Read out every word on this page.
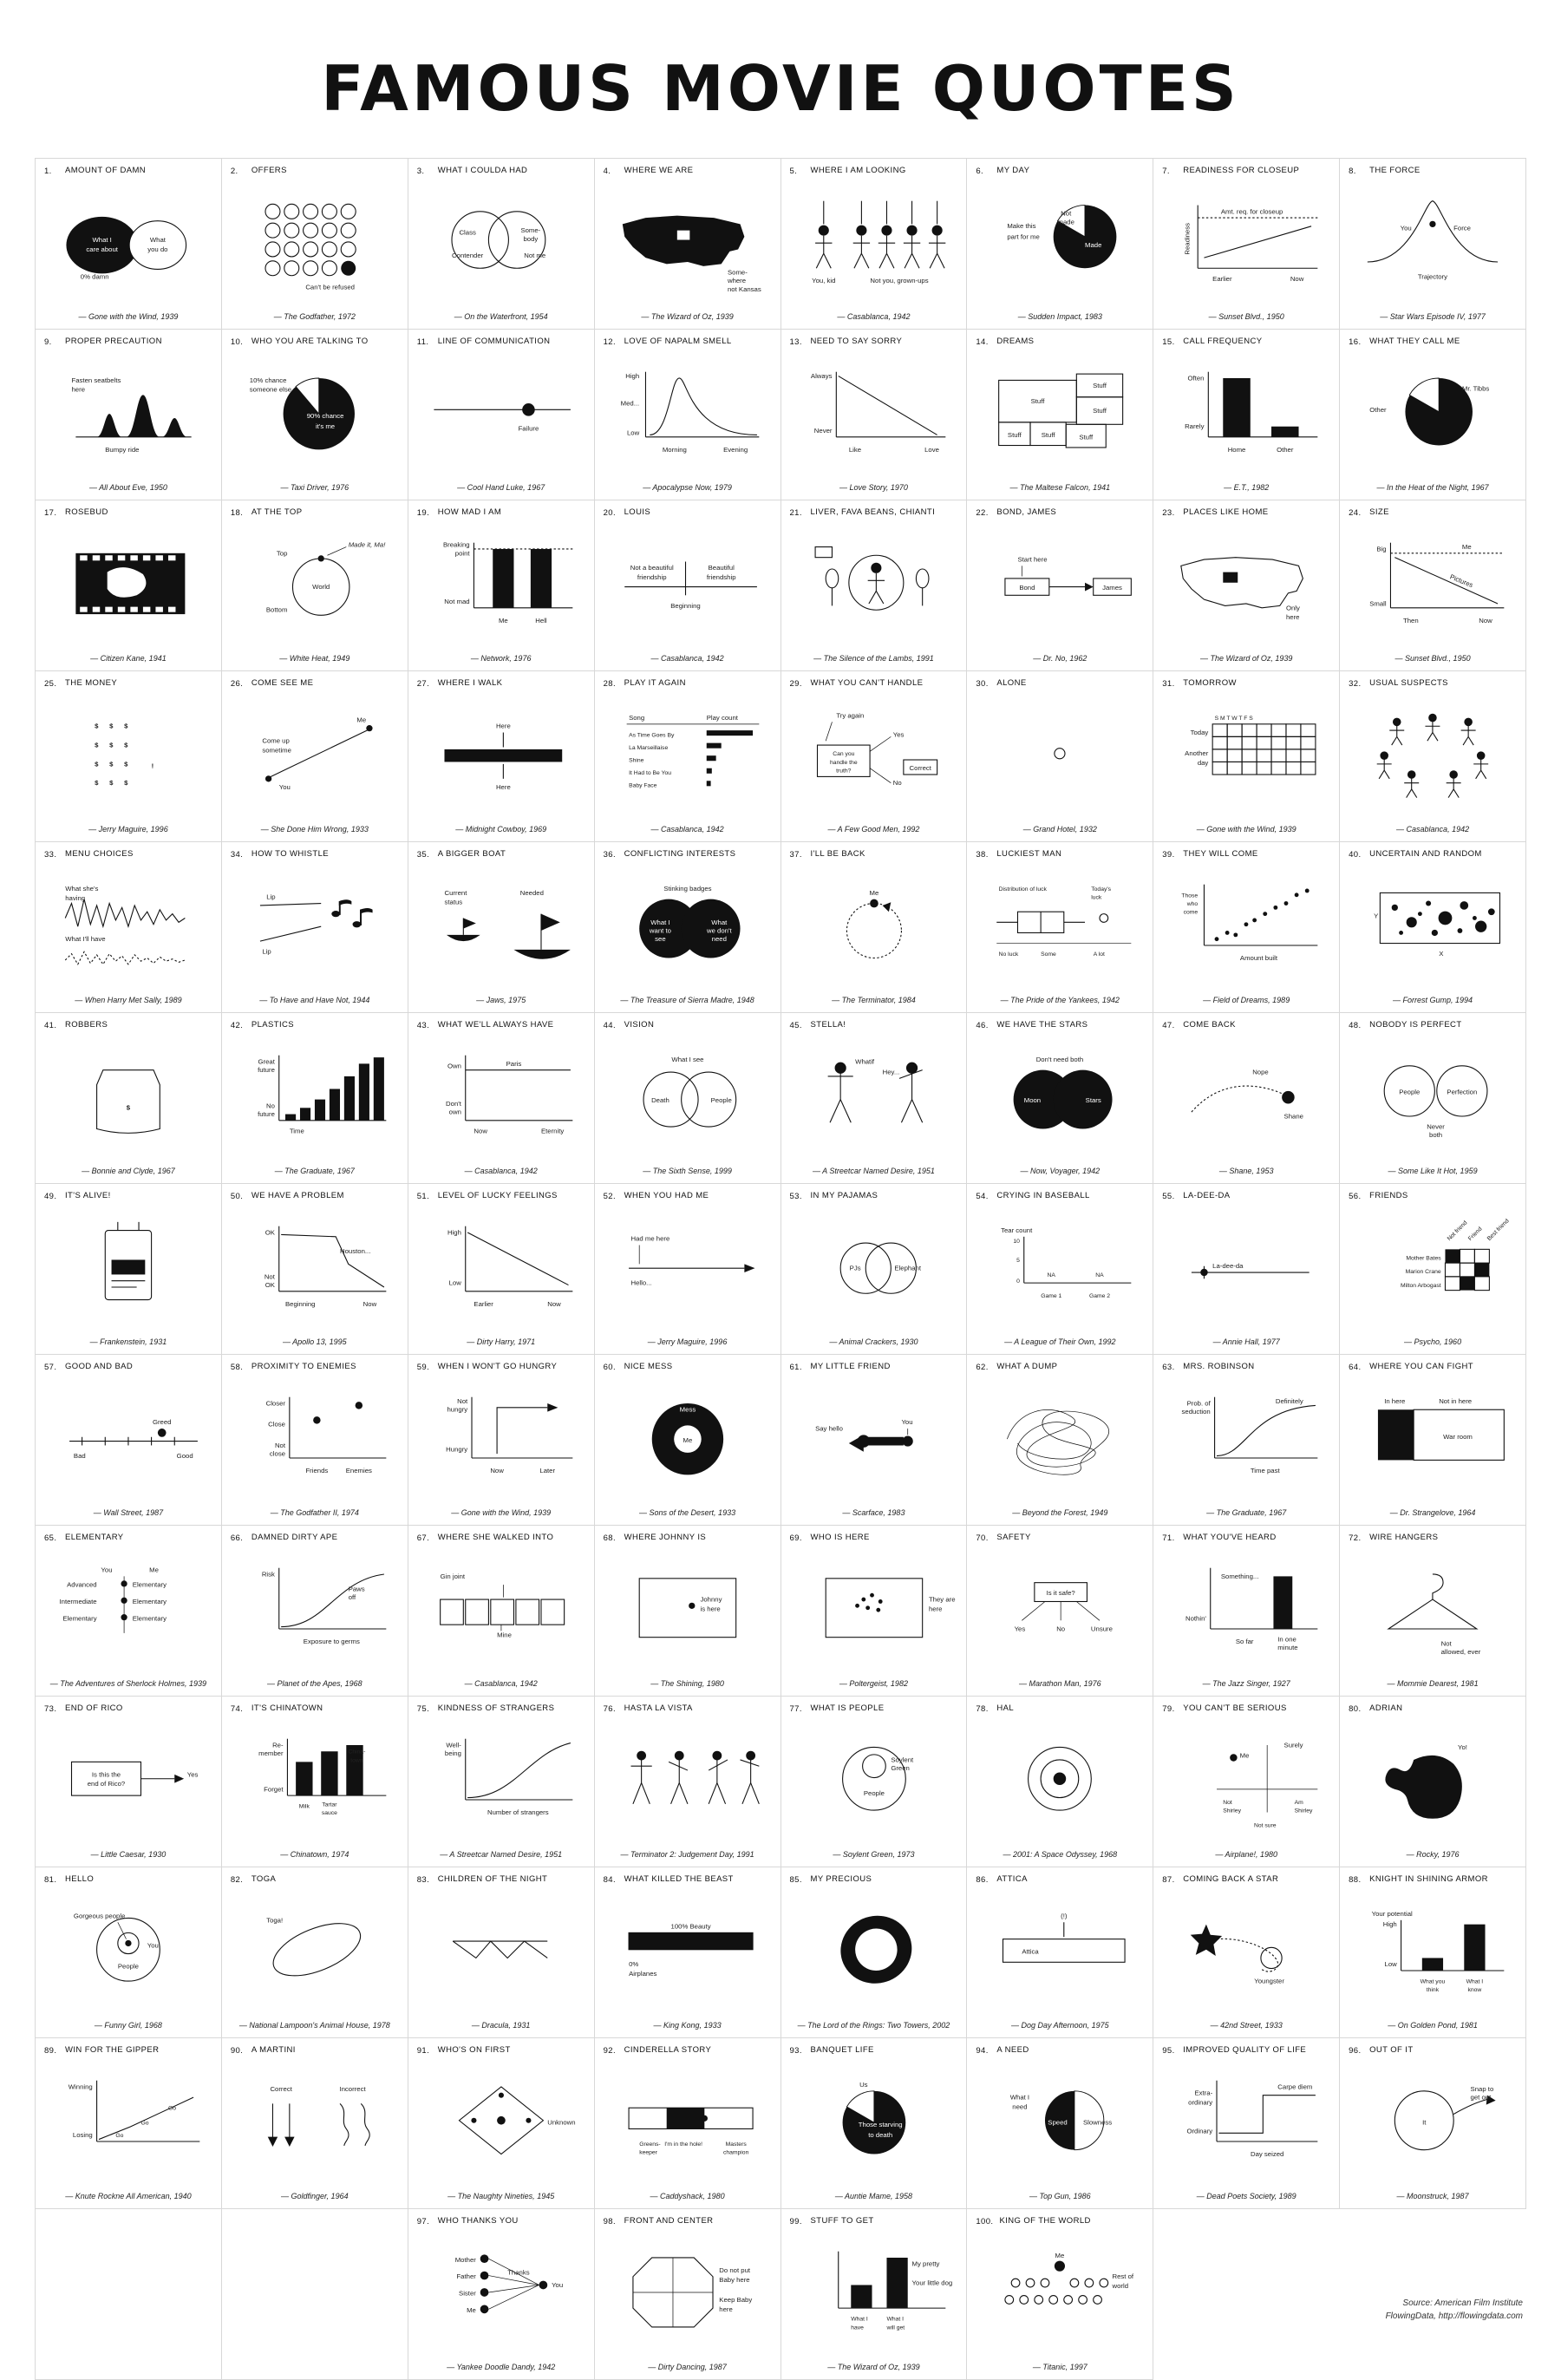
FAMOUS MOVIE QUOTES
1.	AMOUNT OF DAMN
What I
care about
What
you do
0% damn
— Gone with the Wind, 1939
2.	OFFERS
Can't be refused
— The Godfather, 1972
3.	WHAT I COULDA HAD
Class	Some-
body
Contender	Not me
— On the Waterfront, 1954
4.	WHERE WE ARE
Some-
where
not Kansas
— The Wizard of Oz, 1939
5.	WHERE I AM LOOKING
You, kid	Not you, grown-ups
— Casablanca, 1942
6.	MY DAY
Make this
part for me
Not
made
Made
— Sudden Impact, 1983
7.	READINESS FOR CLOSEUP
Amt. req. for closeup
Readiness
Earlier	Now
— Sunset Blvd., 1950
8.	THE FORCE
You	Force
Trajectory
— Star Wars Episode IV, 1977
9.	PROPER PRECAUTION
Fasten seatbelts
here
Bumpy ride
— All About Eve, 1950
10. WHO YOU ARE TALKING TO
10% chance
someone else
90% chance
it's me
— Taxi Driver, 1976
11.	LINE OF COMMUNICATION
Failure
— Cool Hand Luke, 1967
12. LOVE OF NAPALM SMELL
High
Med...
Low
Morning	Evening
— Apocalypse Now, 1979
13. NEED TO SAY SORRY
Always
Never
Like	Love
— Love Story, 1970
14. DREAMS
Stuff
Stuff
Stuff
Stuff	Stuff	Stuff
— The Maltese Falcon, 1941
15. CALL FREQUENCY
Often
Rarely
Home	Other
— E.T., 1982
16. WHAT THEY CALL ME
Mr. Tibbs
Other
— In the Heat of the Night, 1967
17. ROSEBUD
— Citizen Kane, 1941
18. AT THE TOP
World
Top
Bottom
Made it, Ma!
— White Heat, 1949
19. HOW MAD I AM
Breaking
point
Not mad
Me	Hell
— Network, 1976
20. LOUIS
Not a beautiful
friendship
Beautiful
friendship
Beginning
— Casablanca, 1942
21. LIVER, FAVA BEANS, CHIANTI
— The Silence of the Lambs, 1991
22. BOND, JAMES
Start here
Bond	James
— Dr. No, 1962
23. PLACES LIKE HOME
Only
here
— The Wizard of Oz, 1939
24. SIZE
Big
Small
Me
Pictures
Then	Now
— Sunset Blvd., 1950
25. THE MONEY
$ $ $
$ $ $
$ $ $
$ $ $
!
— Jerry Maguire, 1996
26. COME SEE ME
Me
You
Come up
sometime
— She Done Him Wrong, 1933
27. WHERE I WALK
Here
Here
— Midnight Cowboy, 1969
28. PLAY IT AGAIN
Song	Play count
As Time Goes By
La Marseillaise
Shine
It Had to Be You
Baby Face
— Casablanca, 1942
29. WHAT YOU CAN'T HANDLE
Try again
Can you
handle the
truth?
Yes
No
Correct
— A Few Good Men, 1992
30. ALONE
— Grand Hotel, 1932
31. TOMORROW
S M T W T F S
Today
Another
day
— Gone with the Wind, 1939
32. USUAL SUSPECTS
— Casablanca, 1942
33. MENU CHOICES
What she's
having
What I'll have
— When Harry Met Sally, 1989
34. HOW TO WHISTLE
Lip
Lip
— To Have and Have Not, 1944
35. A BIGGER BOAT
Current
status
Needed
— Jaws, 1975
36. CONFLICTING INTERESTS
Stinking badges
What I
want to
see
What
we don't
need
— The Treasure of Sierra Madre, 1948
37. I'LL BE BACK
Me
— The Terminator, 1984
38. LUCKIEST MAN
Distribution of luck	Today's
luck
No luck	Some	A lot
— The Pride of the Yankees, 1942
39. THEY WILL COME
Those
who
come
Amount built
— Field of Dreams, 1989
40. UNCERTAIN AND RANDOM
Y
X
— Forrest Gump, 1994
41. ROBBERS
$
— Bonnie and Clyde, 1967
42. PLASTICS
Great
future
No
future
Time
— The Graduate, 1967
43. WHAT WE'LL ALWAYS HAVE
Own
Don't
own
Paris
Now	Eternity
— Casablanca, 1942
44. VISION
What I see
Death	People
— The Sixth Sense, 1999
45. STELLA!
Whatif
Hey...
— A Streetcar Named Desire, 1951
46. WE HAVE THE STARS
Don't need both
Moon	Stars
— Now, Voyager, 1942
47. COME BACK
Nope
Shane
— Shane, 1953
48. NOBODY IS PERFECT
People	Perfection
Never
both
— Some Like It Hot, 1959
49. IT'S ALIVE!
— Frankenstein, 1931
50. WE HAVE A PROBLEM
OK
Not
OK
Houston...
Beginning	Now
— Apollo 13, 1995
51. LEVEL OF LUCKY FEELINGS
High
Low
Earlier	Now
— Dirty Harry, 1971
52. WHEN YOU HAD ME
Had me here
Hello...
— Jerry Maguire, 1996
53. IN MY PAJAMAS
PJs	Elephant
— Animal Crackers, 1930
54. CRYING IN BASEBALL
Tear count
10
5
0
NA	NA
Game 1	Game 2
— A League of Their Own, 1992
55. LA-DEE-DA
La-dee-da
— Annie Hall, 1977
56. FRIENDS
Not friend
Friend Best friend
Mother Bates
Marion Crane
Milton Arbogast
— Psycho, 1960
57. GOOD AND BAD
Greed
Bad	Good
— Wall Street, 1987
58. PROXIMITY TO ENEMIES
Closer
Close
Not
close
Friends	Enemies
— The Godfather II, 1974
59. WHEN I WON'T GO HUNGRY
Not
hungry
Hungry
Now	Later
— Gone with the Wind, 1939
60. NICE MESS
Mess
Me
— Sons of the Desert, 1933
61. MY LITTLE FRIEND
Say hello
You
— Scarface, 1983
62. WHAT A DUMP
— Beyond the Forest, 1949
63. MRS. ROBINSON
Prob. of
seduction
Definitely
Time past
— The Graduate, 1967
64. WHERE YOU CAN FIGHT
In here	Not in here
War room
— Dr. Strangelove, 1964
65. ELEMENTARY
You	Me
Advanced	Elementary
Intermediate	Elementary
Elementary	Elementary
— The Adventures of Sherlock Holmes, 1939
66. DAMNED DIRTY APE
Risk
Paws
off
Exposure to germs
— Planet of the Apes, 1968
67. WHERE SHE WALKED INTO
Gin joint
Mine
— Casablanca, 1942
68. WHERE JOHNNY IS
Johnny
is here
— The Shining, 1980
69. WHO IS HERE
They are
here
— Poltergeist, 1982
70. SAFETY
Is it safe?
Yes	No	Unsure
— Marathon Man, 1976
71. WHAT YOU'VE HEARD
Something...
Nothin'
So far	In one
minute
— The Jazz Singer, 1927
72. WIRE HANGERS
Not
allowed, ever
— Mommie Dearest, 1981
73. END OF RICO
Is this the
end of Rico?
Yes
— Little Caesar, 1930
74. IT'S CHINATOWN
Re-
member
Forget
Milk	Tartar
sauce
China-
town
— Chinatown, 1974
75. KINDNESS OF STRANGERS
Well-
being
Number of strangers
— A Streetcar Named Desire, 1951
76. HASTA LA VISTA
— Terminator 2: Judgement Day, 1991
77. WHAT IS PEOPLE
Soylent
Green
People
— Soylent Green, 1973
78. HAL
— 2001: A Space Odyssey, 1968
79. YOU CAN'T BE SERIOUS
Me
Surely
Not
Shirley
Am
Shirley
Not sure
— Airplane!, 1980
80. ADRIAN
Yo!
— Rocky, 1976
81. HELLO
Gorgeous people
You
People
— Funny Girl, 1968
82. TOGA
Toga!
— National Lampoon's Animal House, 1978
83. CHILDREN OF THE NIGHT
— Dracula, 1931
84. WHAT KILLED THE BEAST
100% Beauty
0%
Airplanes
— King Kong, 1933
85. MY PRECIOUS
— The Lord of the Rings: Two Towers, 2002
86. ATTICA
(!)
Attica
— Dog Day Afternoon, 1975
87. COMING BACK A STAR
Youngster
— 42nd Street, 1933
88. KNIGHT IN SHINING ARMOR
Your potential
High
Low
What you
think
What I
know
— On Golden Pond, 1981
89. WIN FOR THE GIPPER
Winning
Losing
Go
Go
Go
— Knute Rockne All American, 1940
90. A MARTINI
Correct	Incorrect
— Goldfinger, 1964
91. WHO'S ON FIRST
Unknown
— The Naughty Nineties, 1945
92. CINDERELLA STORY
Greens-
keeper
I'm in the hole!	Masters
champion
— Caddyshack, 1980
93. BANQUET LIFE
Us
Those starving
to death
— Auntie Mame, 1958
94. A NEED
What I
need
Speed	Slowness
— Top Gun, 1986
95. IMPROVED QUALITY OF LIFE
Extra-
ordinary
Ordinary
Carpe diem
Day seized
— Dead Poets Society, 1989
96. OUT OF IT
It
Snap to
get out
— Moonstruck, 1987
97. WHO THANKS YOU
Mother
Father
Sister
Me
Thanks
You
— Yankee Doodle Dandy, 1942
98. FRONT AND CENTER
Do not put
Baby here
Keep Baby
here
— Dirty Dancing, 1987
99. STUFF TO GET
My pretty
Your little dog
What I
have
What I
will get
— The Wizard of Oz, 1939
100. KING OF THE WORLD
Me
Rest of
world
— Titanic, 1997
Source: American Film Institute
FlowingData, http://flowingdata.com
